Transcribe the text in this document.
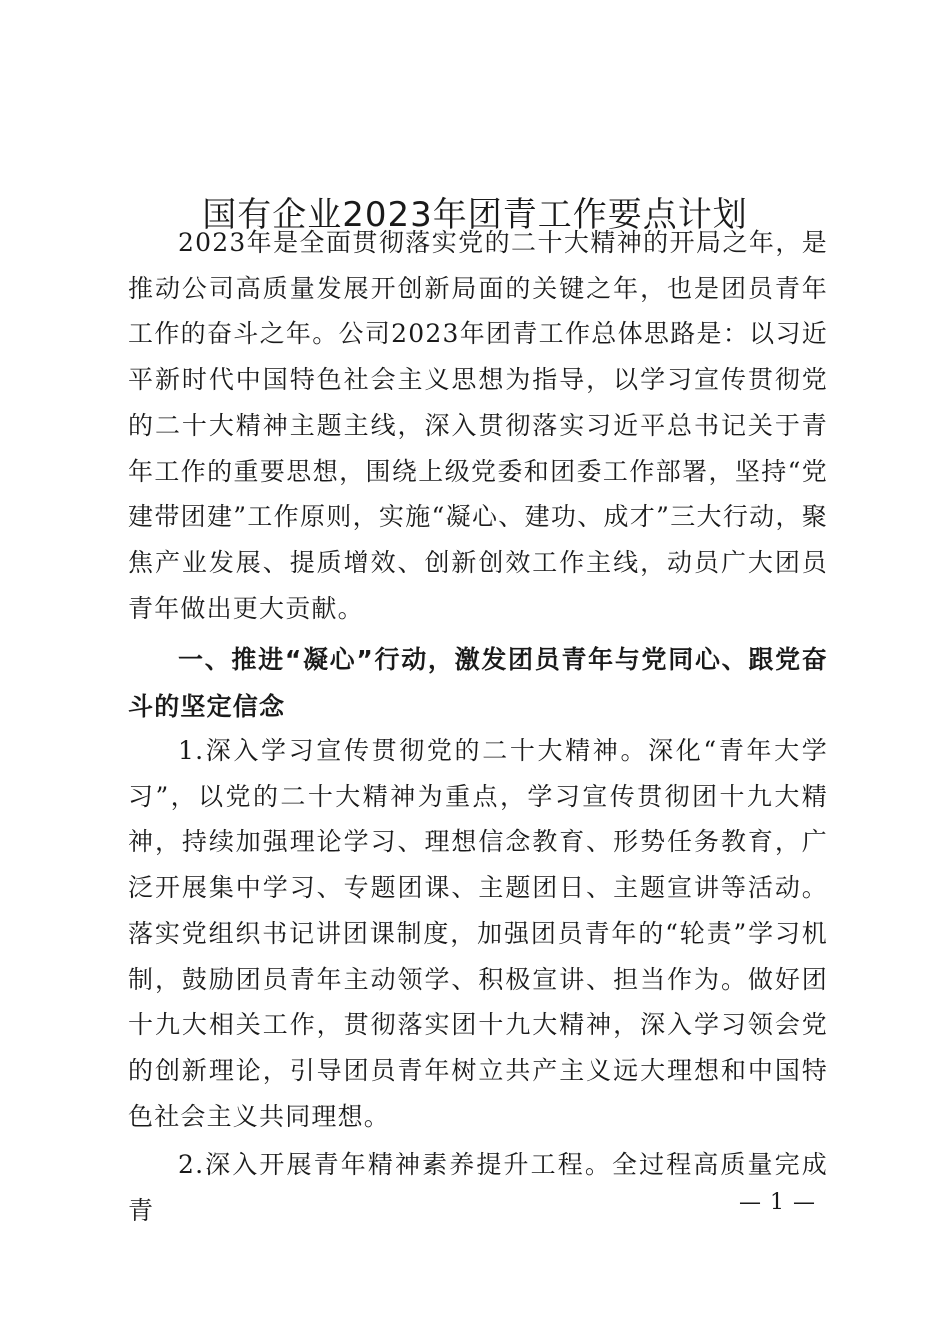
国有企业2023年团青工作要点计划

2023年是全面贯彻落实党的二十大精神的开局之年，是推动公司高质量发展开创新局面的关键之年，也是团员青年工作的奋斗之年。公司2023年团青工作总体思路是：以习近平新时代中国特色社会主义思想为指导，以学习宣传贯彻党的二十大精神主题主线，深入贯彻落实习近平总书记关于青年工作的重要思想，围绕上级党委和团委工作部署，坚持“党建带团建”工作原则，实施“凝心、建功、成才”三大行动，聚焦产业发展、提质增效、创新创效工作主线，动员广大团员青年做出更大贡献。

一、推进“凝心”行动，激发团员青年与党同心、跟党奋斗的坚定信念

1.深入学习宣传贯彻党的二十大精神。深化“青年大学习”，以党的二十大精神为重点，学习宣传贯彻团十九大精神，持续加强理论学习、理想信念教育、形势任务教育，广泛开展集中学习、专题团课、主题团日、主题宣讲等活动。落实党组织书记讲团课制度，加强团员青年的“轮责”学习机制，鼓励团员青年主动领学、积极宣讲、担当作为。做好团十九大相关工作，贯彻落实团十九大精神，深入学习领会党的创新理论，引导团员青年树立共产主义远大理想和中国特色社会主义共同理想。

2.深入开展青年精神素养提升工程。全过程高质量完成青	— 1 —
